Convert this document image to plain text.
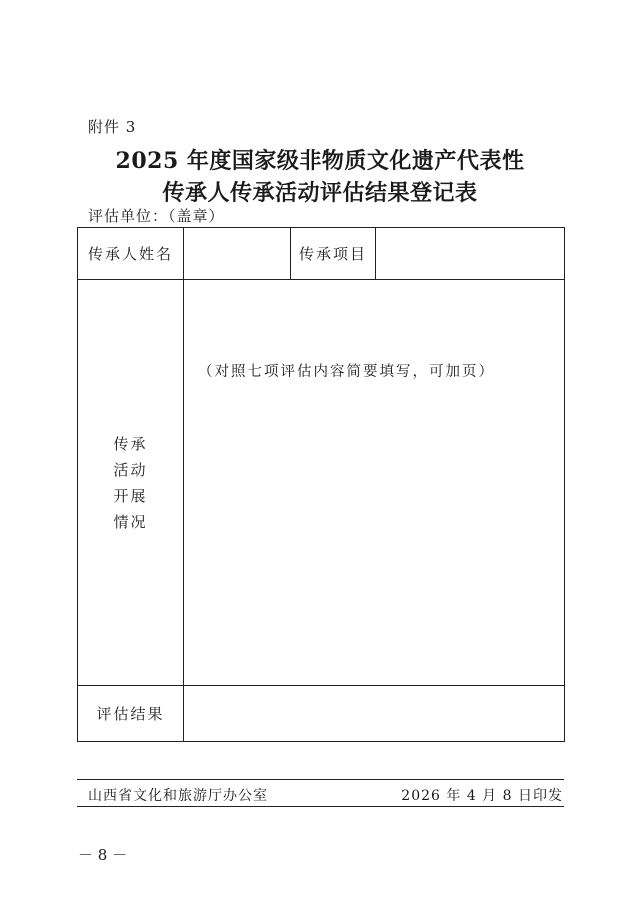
附件 3
2025 年度国家级非物质文化遗产代表性
传承人传承活动评估结果登记表
评估单位：（盖章）
传承人姓名		传承项目	

传承
活动
开展
情况	（对照七项评估内容简要填写，可加页）		

评估结果			
山西省文化和旅游厅办公室	2026 年 4 月 8 日印发
－ 8 －
